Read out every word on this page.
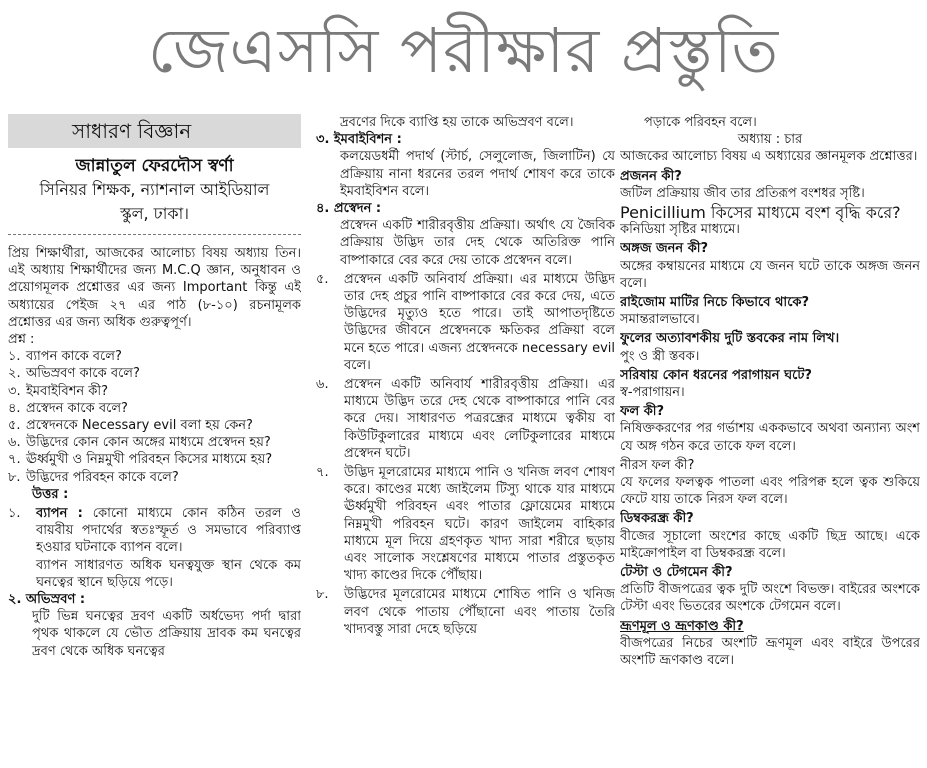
জেএসসি পরীক্ষার প্রস্তুতি
সাধারণ বিজ্ঞান
জান্নাতুল ফেরদৌস স্বর্ণা
সিনিয়র শিক্ষক, ন্যাশনাল আইডিয়াল
স্কুল, ঢাকা।

প্রিয় শিক্ষার্থীরা, আজকের আলোচ্য বিষয় অধ্যায় তিন। এই অধ্যায় শিক্ষার্থীদের জন্য M.C.Q জ্ঞান, অনুধাবন ও প্রয়োগমূলক প্রশ্নোত্তর এর জন্য Important কিন্তু এই অধ্যায়ের পেইজ ২৭ এর পাঠ (৮-১০) রচনামূলক প্রশ্নোত্তর এর জন্য অধিক গুরুত্বপূর্ণ।

প্রশ্ন :
১. ব্যাপন কাকে বলে?
২. অভিস্রবণ কাকে বলে?
৩. ইমবাইবিশন কী?
৪. প্রস্বেদন কাকে বলে?
৫. প্রস্বেদনকে Necessary evil বলা হয় কেন?
৬. উদ্ভিদের কোন কোন অঙ্গের মাধ্যমে প্রস্বেদন হয়?
৭. ঊর্ধ্বমুখী ও নিম্নমুখী পরিবহন কিসের মাধ্যমে হয়?
৮. উদ্ভিদের পরিবহন কাকে বলে?
উত্তর :
১.	ব্যাপন : কোনো মাধ্যমে কোন কঠিন তরল ও বায়বীয় পদার্থের স্বতঃস্ফূর্ত ও সমভাবে পরিব্যাপ্ত হওয়ার ঘটনাকে ব্যাপন বলে।

ব্যাপন সাধারণত অধিক ঘনত্বযুক্ত স্থান থেকে কম ঘনত্বের স্থানে ছড়িয়ে পড়ে।

২. অভিস্রবণ :

দুটি ভিন্ন ঘনত্বের দ্রবণ একটি অর্ধভেদ্য পর্দা দ্বারা পৃথক থাকলে যে ভৌত প্রক্রিয়ায় দ্রাবক কম ঘনত্বের দ্রবণ থেকে অধিক ঘনত্বের

দ্রবণের দিকে ব্যাপ্তি হয় তাকে অভিস্রবণ বলে।

৩. ইমবাইবিশন :

কলয়েডধর্মী পদার্থ (স্টার্চ, সেলুলোজ, জিলাটিন) যে প্রক্রিয়ায় নানা ধরনের তরল পদার্থ শোষণ করে তাকে ইমবাইবিশন বলে।

৪. প্রস্বেদন :

প্রস্বেদন একটি শারীরবৃত্তীয় প্রক্রিয়া। অর্থাৎ যে জৈবিক প্রক্রিয়ায় উদ্ভিদ তার দেহ থেকে অতিরিক্ত পানি বাষ্পাকারে বের করে দেয় তাকে প্রস্বেদন বলে।

৫.	প্রস্বেদন একটি অনিবার্য প্রক্রিয়া। এর মাধ্যমে উদ্ভিদ তার দেহ প্রচুর পানি বাষ্পাকারে বের করে দেয়, এতে উদ্ভিদের মৃত্যুও হতে পারে। তাই আপাতদৃষ্টিতে উদ্ভিদের জীবনে প্রস্বেদনকে ক্ষতিকর প্রক্রিয়া বলে মনে হতে পারে। এজন্য প্রস্বেদনকে necessary evil বলে।
৬.	প্রস্বেদন একটি অনিবার্য শারীরবৃত্তীয় প্রক্রিয়া। এর মাধ্যমে উদ্ভিদ তরে দেহ থেকে বাষ্পাকারে পানি বের করে দেয়। সাধারণত পত্ররন্ধ্রের মাধ্যমে ত্বকীয় বা কিউটিকুলারের মাধ্যমে এবং লেটিকুলারের মাধ্যমে প্রস্বেদন ঘটে।
৭.	উদ্ভিদ মূলরোমের মাধ্যমে পানি ও খনিজ লবণ শোষণ করে। কাণ্ডের মধ্যে জাইলেম টিস্যু থাকে যার মাধ্যমে ঊর্ধ্বমুখী পরিবহন এবং পাতার ফ্লোয়েমের মাধ্যমে নিম্নমুখী পরিবহন ঘটে। কারণ জাইলেম বাহিকার মাধ্যমে মূল দিয়ে গ্রহণকৃত খাদ্য সারা শরীরে ছড়ায় এবং সালোক সংশ্লেষণের মাধ্যমে পাতার প্রস্তুতকৃত খাদ্য কাণ্ডের দিকে পৌঁছায়।
৮.	উদ্ভিদের মূলরোমের মাধ্যমে শোষিত পানি ও খনিজ লবণ থেকে পাতায় পৌঁছানো এবং পাতায় তৈরি খাদ্যবস্তু সারা দেহে ছড়িয়ে

পড়াকে পরিবহন বলে।

অধ্যায় : চার

আজকের আলোচ্য বিষয় এ অধ্যায়ের জ্ঞানমূলক প্রশ্নোত্তর।

প্রজনন কী?

জটিল প্রক্রিয়ায় জীব তার প্রতিরূপ বংশধর সৃষ্টি।

Penicillium কিসের মাধ্যমে বংশ বৃদ্ধি করে?

কনিডিয়া সৃষ্টির মাধ্যমে।

অঙ্গজ জনন কী?

অঙ্গের কম্বায়নের মাধ্যমে যে জনন ঘটে তাকে অঙ্গজ জনন বলে।

রাইজোম মাটির নিচে কিভাবে থাকে?

সমান্তরালভাবে।

ফুলের অত্যাবশকীয় দুটি স্তবকের নাম লিখ।

পুং ও স্ত্রী স্তবক।

সরিষায় কোন ধরনের পরাগায়ন ঘটে?

স্ব-পরাগায়ন।

ফল কী?

নিষিক্তকরণের পর গর্ভাশয় এককভাবে অথবা অন্যান্য অংশ যে অঙ্গ গঠন করে তাকে ফল বলে।

নীরস ফল কী?

যে ফলের ফলত্বক পাতলা এবং পরিপক্ব হলে ত্বক শুকিয়ে ফেটে যায় তাকে নিরস ফল বলে।

ডিম্বকরন্ধ্র কী?

বীজের সূচালো অংশের কাছে একটি ছিদ্র আছে। একে মাইক্রোপাইল বা ডিম্বকরন্ধ্র বলে।

টেস্টা ও টেগমেন কী?

প্রতিটি বীজপত্রের ত্বক দুটি অংশে বিভক্ত। বাইরের অংশকে টেস্টা এবং ভিতরের অংশকে টেগমেন বলে।

ভ্রূণমূল ও ভ্রূণকাণ্ড কী?

বীজপত্রের নিচের অংশটি ভ্রূণমূল এবং বাইরে উপরের অংশটি ভ্রূণকাণ্ড বলে।
